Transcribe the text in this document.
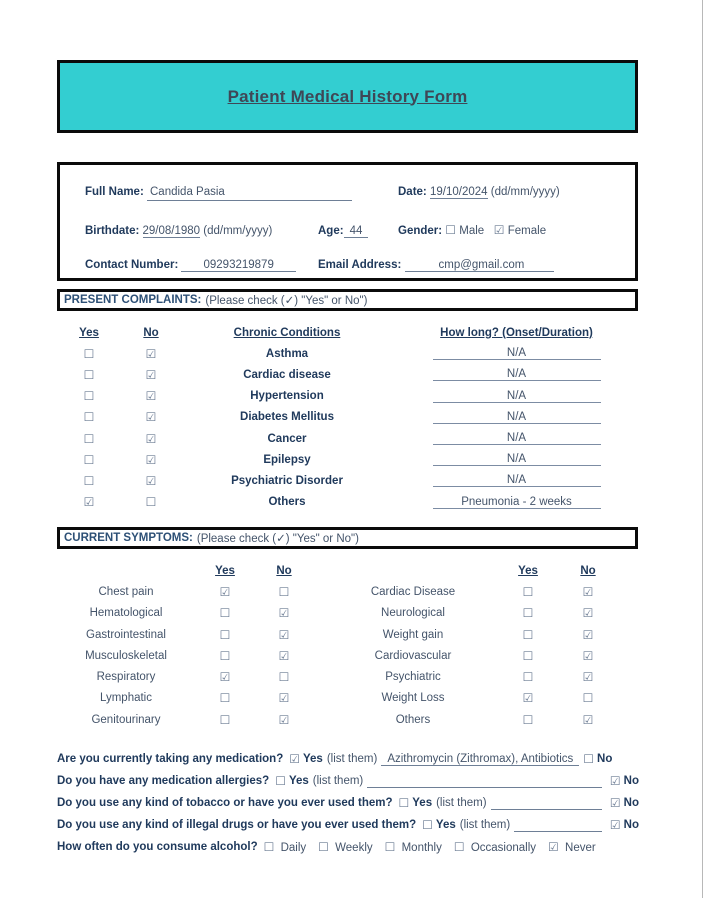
Patient Medical History Form
Full Name: Candida Pasia	Date: 19/10/2024 (dd/mm/yyyy)
Birthdate: 29/08/1980 (dd/mm/yyyy)	Age: 44	Gender: ☐ Male ☑ Female
Contact Number: 09293219879	Email Address:	cmp@gmail.com
PRESENT COMPLAINTS: (Please check (✓) "Yes" or No")
Yes	No	Chronic Conditions	How long? (Onset/Duration)
☐	☑	Asthma	N/A
☐	☑	Cardiac disease	N/A
☐	☑	Hypertension	N/A
☐	☑	Diabetes Mellitus	N/A
☐	☑	Cancer	N/A
☐	☑	Epilepsy	N/A
☐	☑	Psychiatric Disorder	N/A
☑	☐	Others	Pneumonia - 2 weeks
CURRENT SYMPTOMS: (Please check (✓) "Yes" or No")
Yes	No	Yes	No
Chest pain	☑	☐	Cardiac Disease	☐	☑
Hematological	☐	☑	Neurological	☐	☑
Gastrointestinal	☐	☑	Weight gain	☐	☑
Musculoskeletal	☐	☑	Cardiovascular	☐	☑
Respiratory	☑	☐	Psychiatric	☐	☑
Lymphatic	☐	☑	Weight Loss	☑	☐
Genitourinary	☐	☑	Others	☐	☑
Are you currently taking any medication? ☑ Yes (list them) Azithromycin (Zithromax), Antibiotics ☐ No
Do you have any medication allergies? ☐ Yes (list them)	☑ No
Do you use any kind of tobacco or have you ever used them? ☐ Yes (list them)	☑ No
Do you use any kind of illegal drugs or have you ever used them? ☐ Yes (list them)	☑ No
How often do you consume alcohol? ☐ Daily ☐ Weekly ☐ Monthly ☐ Occasionally ☑ Never
